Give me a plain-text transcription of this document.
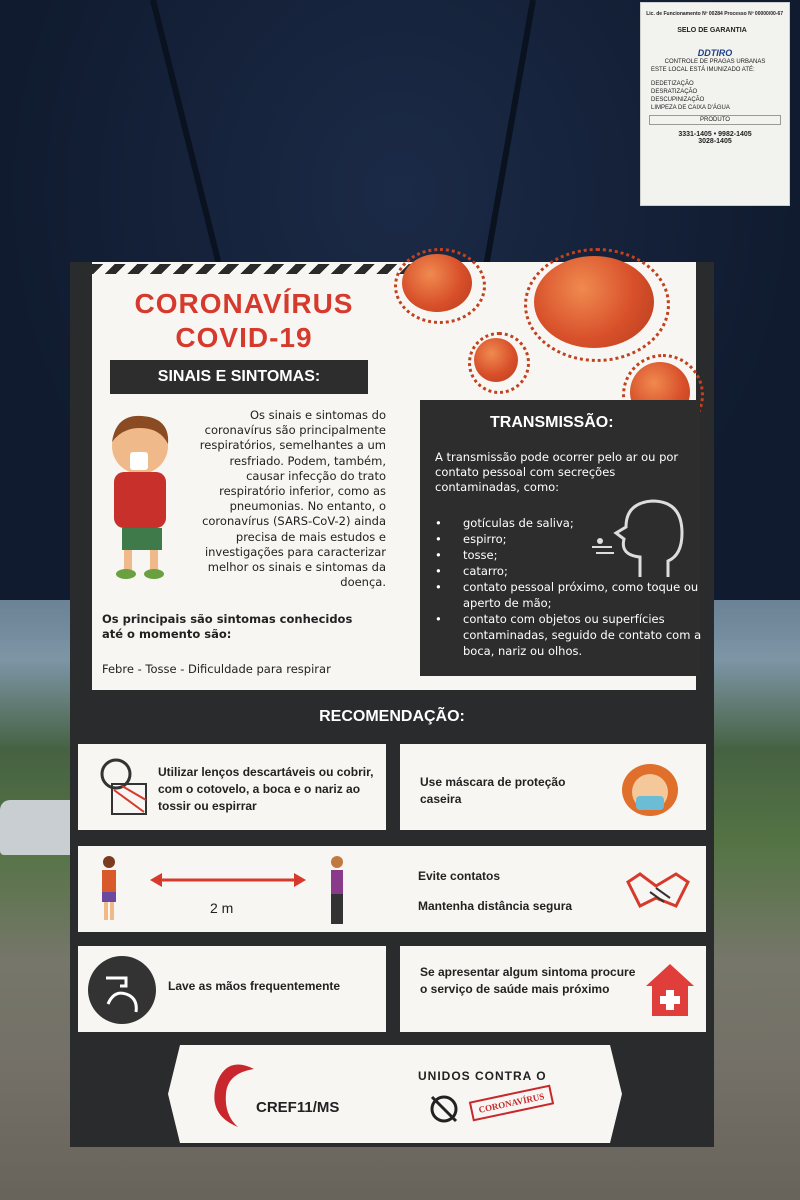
Lic. de Funcionamento Nº 00284 Processo Nº 00000/00-67
SELO DE GARANTIA
DDTIRO
CONTROLE DE PRAGAS URBANAS
ESTE LOCAL ESTÁ IMUNIZADO ATÉ:
DEDETIZAÇÃO
DESRATIZAÇÃO
DESCUPINIZAÇÃO
LIMPEZA DE CAIXA D'ÁGUA
PRODUTO
3331-1405 • 9982-1405
3028-1405
CORONAVÍRUS
COVID-19
SINAIS E SINTOMAS:
Os sinais e sintomas do coronavírus são principalmente respiratórios, semelhantes a um resfriado. Podem, também, causar infecção do trato respiratório inferior, como as pneumonias. No entanto, o coronavírus (SARS-CoV-2) ainda precisa de mais estudos e investigações para caracterizar melhor os sinais e sintomas da doença.
Os principais são sintomas conhecidos até o momento são:
Febre - Tosse - Dificuldade para respirar
TRANSMISSÃO:
A transmissão pode ocorrer pelo ar ou por contato pessoal com secreções contaminadas, como:
• gotículas de saliva;
• espirro;
• tosse;
• catarro;
• contato pessoal próximo, como toque ou aperto de mão;
• contato com objetos ou superfícies contaminadas, seguido de contato com a boca, nariz ou olhos.
RECOMENDAÇÃO:
Utilizar lenços descartáveis ou cobrir, com o cotovelo, a boca e o nariz ao tossir ou espirrar
Use máscara de proteção caseira
2 m
Evite contatos
Mantenha distância segura
Lave as mãos frequentemente
Se apresentar algum sintoma procure o serviço de saúde mais próximo
CREF11/MS
UNIDOS CONTRA O
CORONAVÍRUS
